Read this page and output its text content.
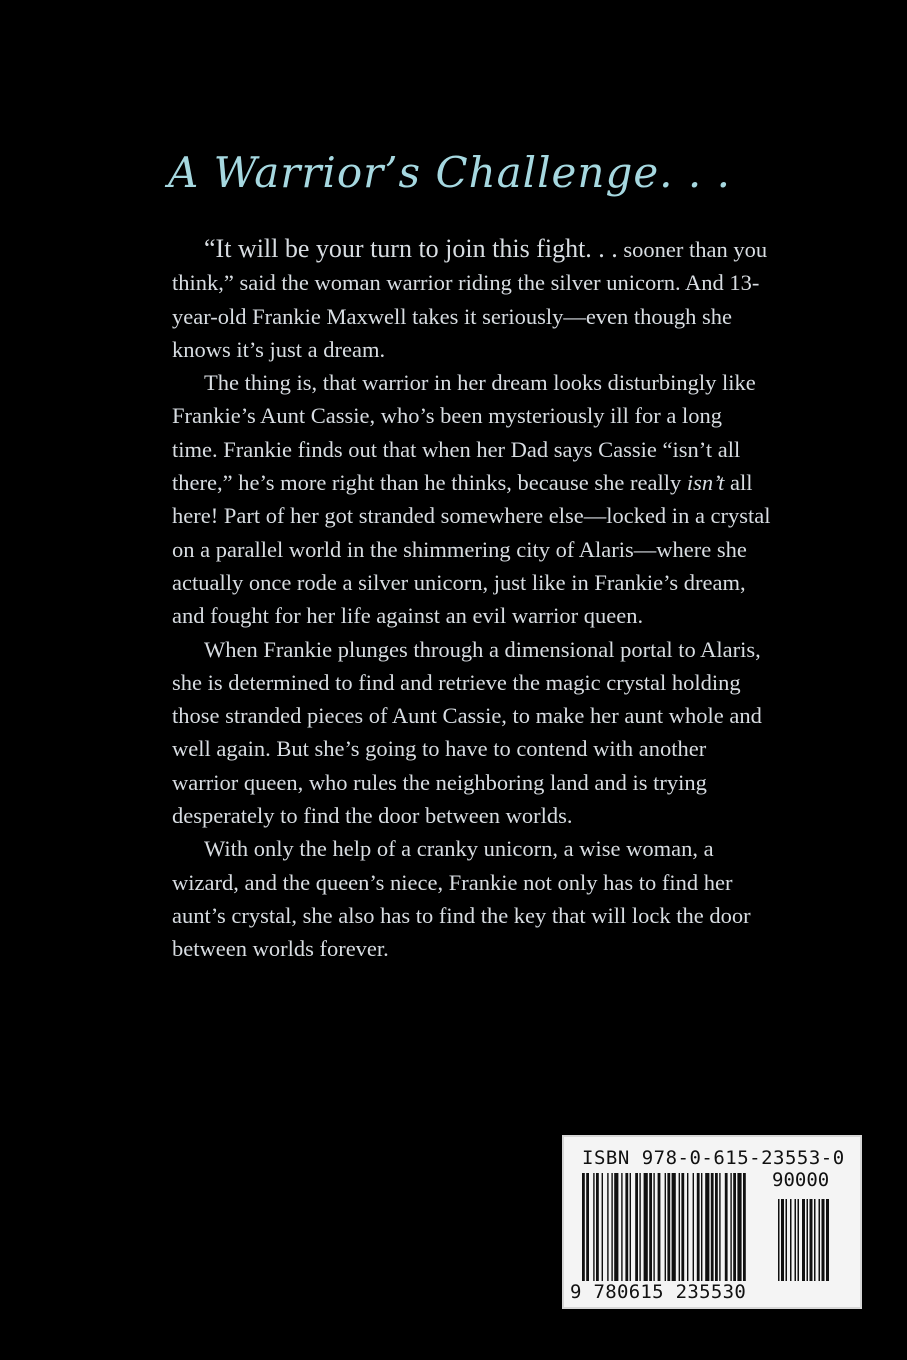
A Warrior’s Challenge. . .

“It will be your turn to join this fight. . . sooner than you think,” said the woman warrior riding the silver unicorn. And 13-year-old Frankie Maxwell takes it seriously—even though she knows it’s just a dream.

The thing is, that warrior in her dream looks disturbingly like Frankie’s Aunt Cassie, who’s been mysteriously ill for a long time. Frankie finds out that when her Dad says Cassie “isn’t all there,” he’s more right than he thinks, because she really isn’t all here! Part of her got stranded somewhere else—locked in a crystal on a parallel world in the shimmering city of Alaris—where she actually once rode a silver unicorn, just like in Frankie’s dream, and fought for her life against an evil warrior queen.

When Frankie plunges through a dimensional portal to Alaris, she is determined to find and retrieve the magic crystal holding those stranded pieces of Aunt Cassie, to make her aunt whole and well again. But she’s going to have to contend with another warrior queen, who rules the neighboring land and is trying desperately to find the door between worlds.

With only the help of a cranky unicorn, a wise woman, a wizard, and the queen’s niece, Frankie not only has to find her aunt’s crystal, she also has to find the key that will lock the door between worlds forever.

ISBN 978-0-615-23553-0
90000
9 780615 235530
